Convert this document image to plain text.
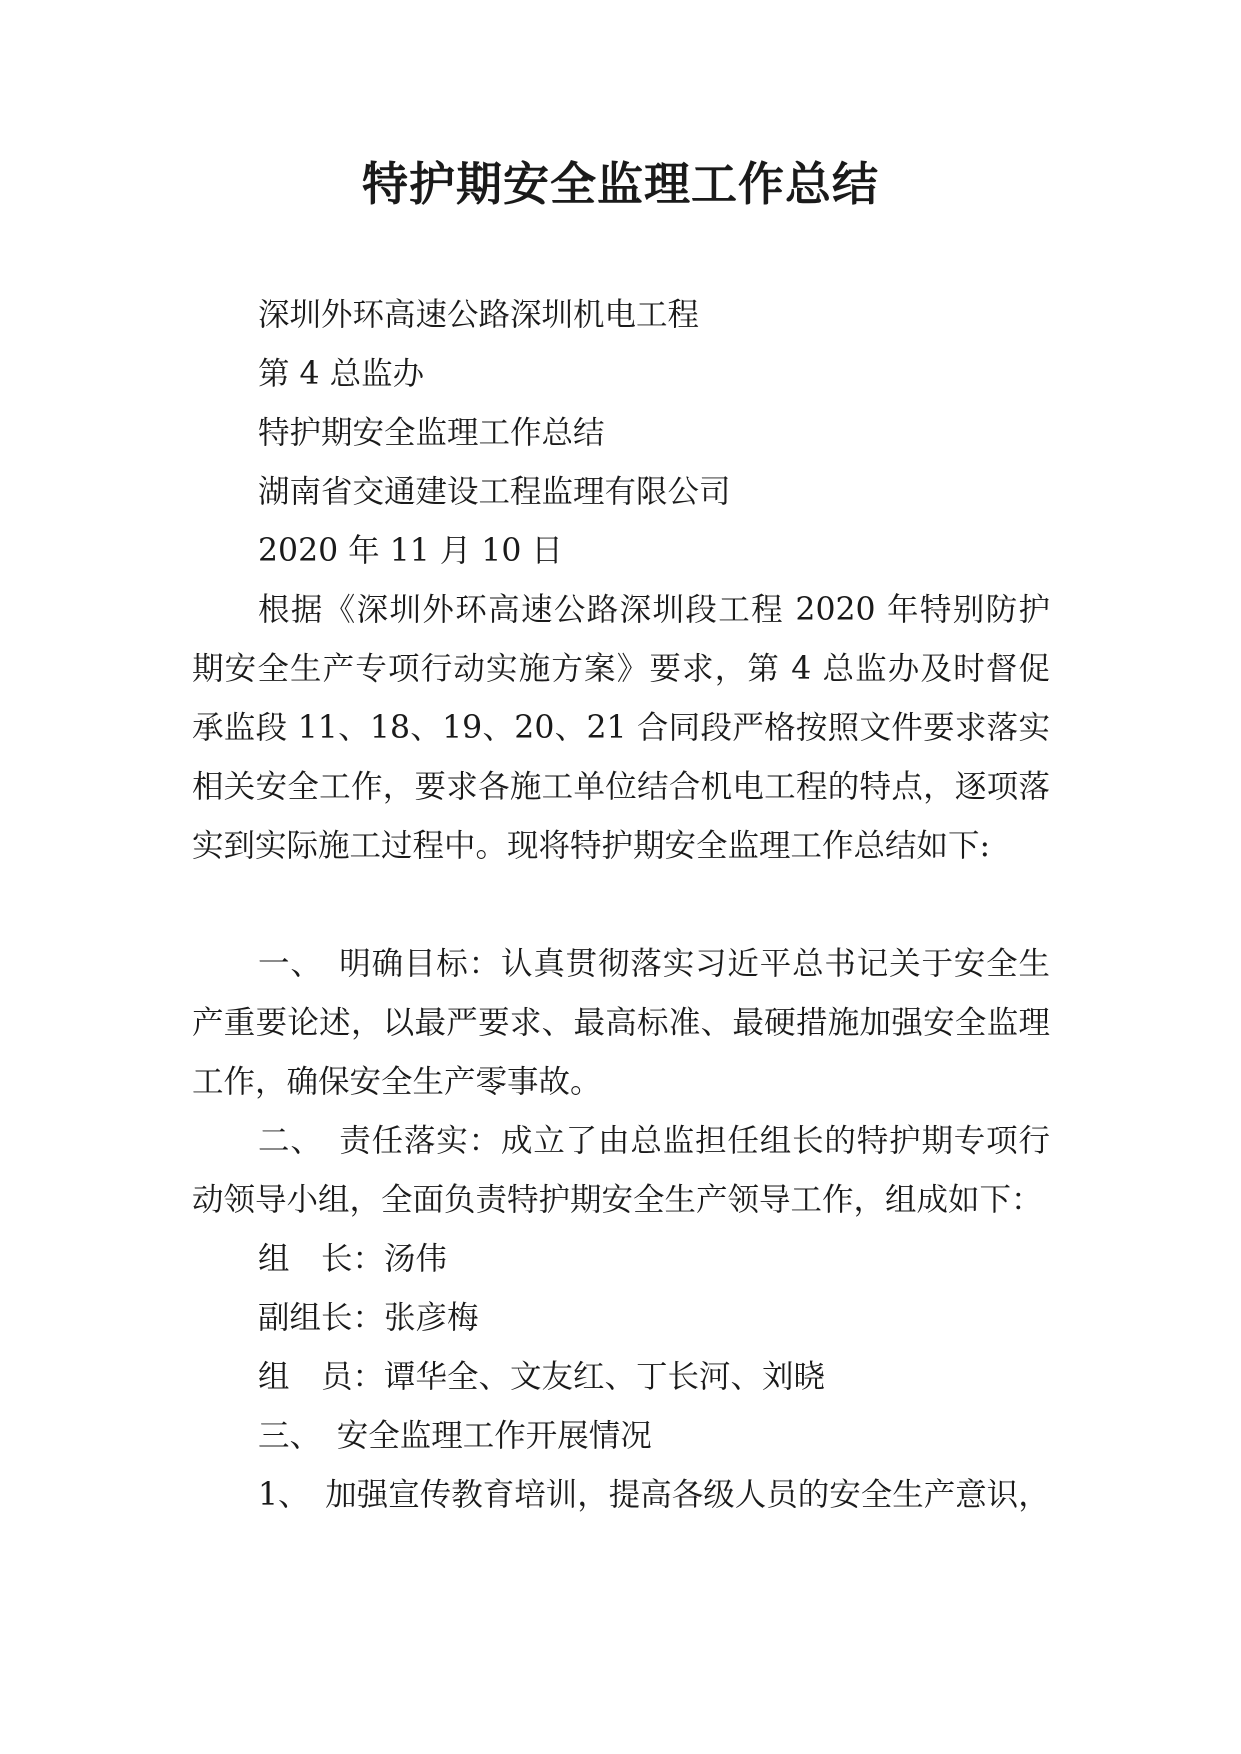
特护期安全监理工作总结

深圳外环高速公路深圳机电工程

第 4 总监办

特护期安全监理工作总结

湖南省交通建设工程监理有限公司

2020 年 11 月 10 日

根据《深圳外环高速公路深圳段工程 2020 年特别防护期安全生产专项行动实施方案》要求，第 4 总监办及时督促承监段 11、18、19、20、21 合同段严格按照文件要求落实相关安全工作，要求各施工单位结合机电工程的特点，逐项落实到实际施工过程中。现将特护期安全监理工作总结如下:

一、　明确目标：认真贯彻落实习近平总书记关于安全生产重要论述，以最严要求、最高标准、最硬措施加强安全监理工作，确保安全生产零事故。

二、　责任落实：成立了由总监担任组长的特护期专项行动领导小组，全面负责特护期安全生产领导工作，组成如下：

组　长：汤伟

副组长：张彦梅

组　员：谭华全、文友红、丁长河、刘晓

三、　安全监理工作开展情况

1、　加强宣传教育培训，提高各级人员的安全生产意识，
